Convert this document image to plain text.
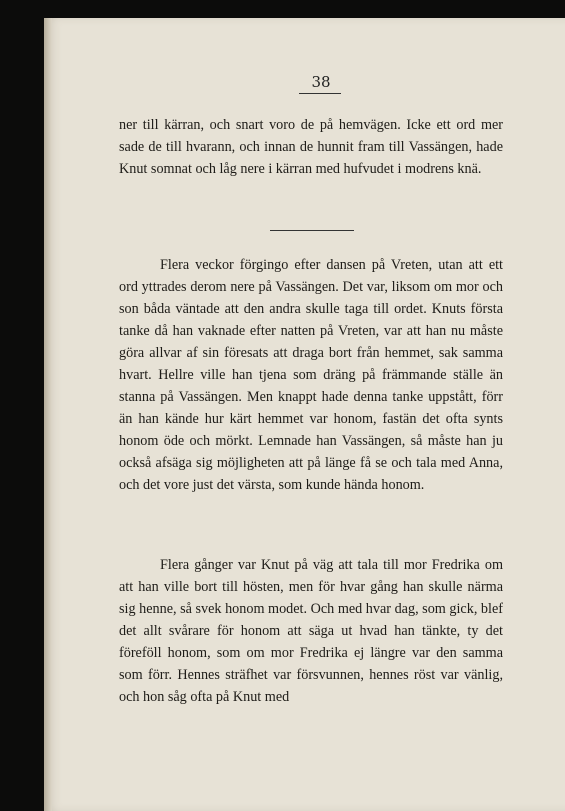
38

ner till kärran, och snart voro de på hemvägen. Icke ett ord mer sade de till hvarann, och innan de hunnit fram till Vassängen, hade Knut somnat och låg nere i kärran med hufvudet i modrens knä.

Flera veckor förgingo efter dansen på Vreten, utan att ett ord yttrades derom nere på Vassängen. Det var, liksom om mor och son båda väntade att den andra skulle taga till ordet. Knuts första tanke då han vaknade efter natten på Vreten, var att han nu måste göra allvar af sin föresats att draga bort från hemmet, sak samma hvart. Hellre ville han tjena som dräng på främmande ställe än stanna på Vassängen. Men knappt hade denna tanke uppstått, förr än han kände hur kärt hemmet var honom, fastän det ofta synts honom öde och mörkt. Lemnade han Vassängen, så måste han ju också afsäga sig möjligheten att på länge få se och tala med Anna, och det vore just det värsta, som kunde hända honom.

Flera gånger var Knut på väg att tala till mor Fredrika om att han ville bort till hösten, men för hvar gång han skulle närma sig henne, så svek honom modet. Och med hvar dag, som gick, blef det allt svårare för honom att säga ut hvad han tänkte, ty det föreföll honom, som om mor Fredrika ej längre var den samma som förr. Hennes sträfhet var försvunnen, hennes röst var vänlig, och hon såg ofta på Knut med
